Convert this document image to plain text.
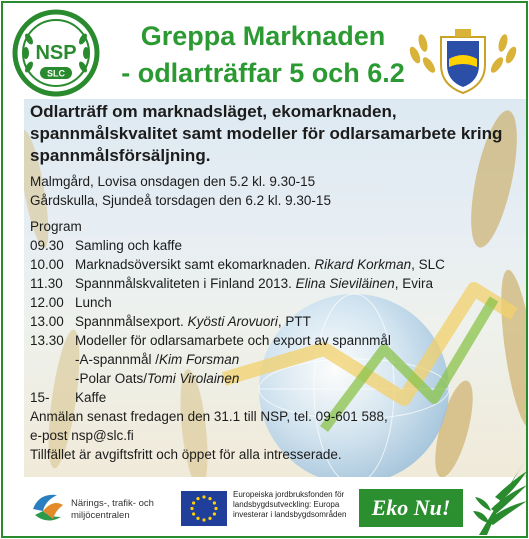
NSP
SLC
Greppa Marknaden
- odlarträffar 5 och 6.2
Odlarträff om marknadsläget, ekomarknaden, spannmålskvalitet samt modeller för odlarsamarbete kring spannmålsförsäljning.
Malmgård, Lovisa onsdagen den 5.2 kl. 9.30-15
Gårdskulla, Sjundeå torsdagen den 6.2 kl. 9.30-15
Program
09.30 Samling och kaffe
10.00 Marknadsöversikt samt ekomarknaden. Rikard Korkman, SLC
11.30 Spannmålskvaliteten i Finland 2013. Elina Sieviläinen, Evira
12.00 Lunch
13.00 Spannmålsexport. Kyösti Arovuori, PTT
13.30 Modeller för odlarsamarbete och export av spannmål
-A-spannmål /Kim Forsman
-Polar Oats/Tomi Virolainen
15- Kaffe
Anmälan senast fredagen den 31.1 till NSP, tel. 09-601 588,
e-post nsp@slc.fi
Tillfället är avgiftsfritt och öppet för alla intresserade.
Närings-, trafik- och
miljöcentralen
Europeiska jordbruksfonden för
landsbygdsutveckling: Europa
investerar i landsbygdsområden	Eko Nu!
